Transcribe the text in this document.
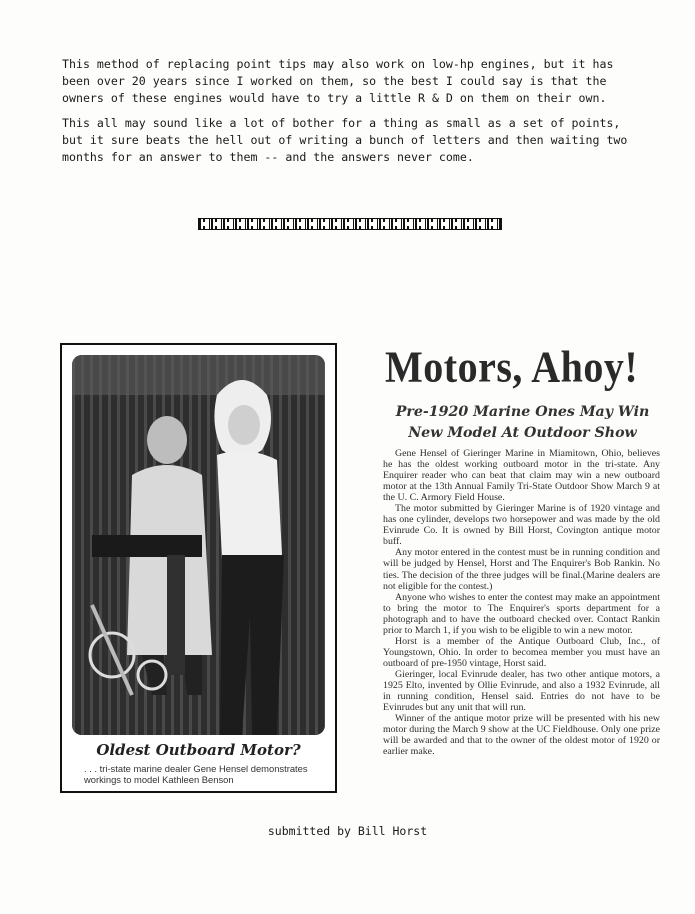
This method of replacing point tips may also work on low-hp engines, but it has been over 20 years since I worked on them, so the best I could say is that the owners of these engines would have to try a little R & D on them on their own.

This all may sound like a lot of bother for a thing as small as a set of points, but it sure beats the hell out of writing a bunch of letters and then waiting two months for an answer to them -- and the answers never come.

Oldest Outboard Motor?
. . . tri-state marine dealer Gene Hensel demonstrates workings to model Kathleen Benson
Motors, Ahoy!
Pre-1920 Marine Ones May Win New Model At Outdoor Show

Gene Hensel of Gieringer Marine in Miamitown, Ohio, believes he has the oldest working outboard motor in the tri-state. Any Enquirer reader who can beat that claim may win a new outboard motor at the 13th Annual Family Tri-State Outdoor Show March 9 at the U. C. Armory Field House.

The motor submitted by Gieringer Marine is of 1920 vintage and has one cylinder, develops two horsepower and was made by the old Evinrude Co. It is owned by Bill Horst, Covington antique motor buff.

Any motor entered in the contest must be in running condition and will be judged by Hensel, Horst and The Enquirer's Bob Rankin. No ties. The decision of the three judges will be final.(Marine dealers are not eligible for the contest.)

Anyone who wishes to enter the contest may make an appointment to bring the motor to The Enquirer's sports department for a photograph and to have the outboard checked over. Contact Rankin prior to March 1, if you wish to be eligible to win a new motor.

Horst is a member of the Antique Outboard Club, Inc., of Youngstown, Ohio. In order to becomea member you must have an outboard of pre-1950 vintage, Horst said.

Gieringer, local Evinrude dealer, has two other antique motors, a 1925 Elto, invented by Ollie Evinrude, and also a 1932 Evinrude, all in running condition, Hensel said. Entries do not have to be Evinrudes but any unit that will run.

Winner of the antique motor prize will be presented with his new motor during the March 9 show at the UC Fieldhouse. Only one prize will be awarded and that to the owner of the oldest motor of 1920 or earlier make.

submitted by Bill Horst
